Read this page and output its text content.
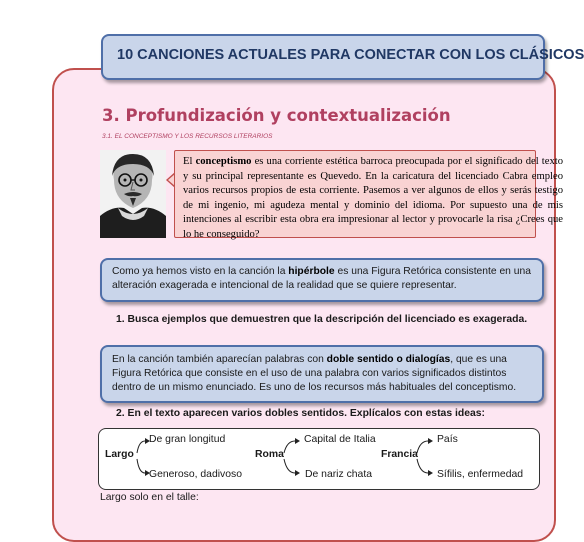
10 CANCIONES ACTUALES PARA CONECTAR CON LOS CLÁSICOS
3. Profundización y contextualización
3.1. EL CONCEPTISMO Y LOS RECURSOS LITERARIOS
El conceptismo es una corriente estética barroca preocupada por el significado del texto y su principal representante es Quevedo. En la caricatura del licenciado Cabra empleo varios recursos propios de esta corriente. Pasemos a ver algunos de ellos y serás testigo de mi ingenio, mi agudeza mental y dominio del idioma. Por supuesto una de mis intenciones al escribir esta obra era impresionar al lector y provocarle la risa ¿Crees que lo he conseguido?
Como ya hemos visto en la canción la hipérbole es una Figura Retórica consistente en una alteración exagerada e intencional de la realidad que se quiere representar.
1. Busca ejemplos que demuestren que la descripción del licenciado es exagerada.
En la canción también aparecían palabras con doble sentido o dialogías, que es una Figura Retórica que consiste en el uso de una palabra con varios significados distintos dentro de un mismo enunciado. Es uno de los recursos más habituales del conceptismo.
2. En el texto aparecen varios dobles sentidos. Explícalos con estas ideas:
Largo
De gran longitud
Generoso, dadivoso
Roma
Capital de Italia
De nariz chata
Francia
País
Sífilis, enfermedad
Largo solo en el talle:
